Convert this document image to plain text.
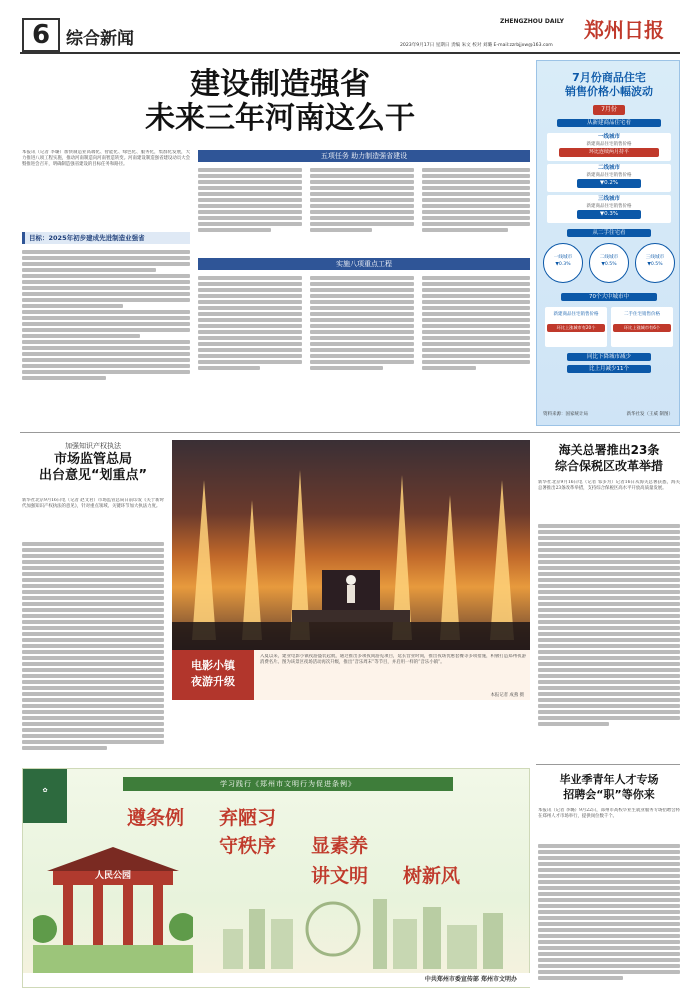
6 综合新闻
ZHENGZHOU DAILY 郑州日报
2023年9月17日 星期日 责编 朱文 校对 刘璐 E-mail:zzrbjjxw@163.com
建设制造强省
未来三年河南这么干
本报讯（记者 李璐）加快制造业高端化、智能化、绿色化、服务化，集群化发展，大力推进八项工程实施，推动河南制造向河南智造转变。河南建设制造强省建设动员大会暨推进会召开，明确制造强省建设的目标任务和路径。
目标：2025年初步建成先进制造业强省
五项任务 助力制造强省建设
实施八项重点工程
7月份商品住宅
销售价格小幅波动
7月份
从新建商品住宅看
一线城市
新建商品住宅销售价格
环比连续两月持平
二线城市
新建商品住宅销售价格
▼0.2%
三线城市
新建商品住宅销售价格
▼0.3%
从二手住宅看
一线城市
▼0.3%
二线城市
▼0.5%
三线城市
▼0.5%
70个大中城市中
新建商品住宅销售价格
环比上涨城市有20个
二手住宅销售价格
环比上涨城市有6个
同比下降城市减少
比上月减少11个
资料来源：国家统计局	新华社发（王威 制图）
加强知识产权执法
市场监管总局
出台意见“划重点”
新华社北京9月16日电（记者 赵文君）市场监管总局日前印发《关于新时代加强知识产权执法的意见》，针对重点领域、关键环节加大执法力度。
电影小镇
夜游升级
入夏以来，建业电影小镇夜游盛装起航，通过推出多项夜间游览项目，延长营业时间，推出夜场优惠套餐等多项措施，积极打造郑州夜游消费名片。图为该景区夜场活动再次升级，推出“音乐周末”等节目，并启用一样的“音乐小镇”。
本报记者 成燕 摄
海关总署推出23条
综合保税区改革举措
新华社北京9月16日电（记者 邹多为）记者16日从海关总署获悉，海关总署推出23条改革举措，支持综合保税区高水平开放高质量发展。
✿
学习践行《郑州市文明行为促进条例》
遵条例 弃陋习
守秩序 显素养
讲文明 树新风
人民公园
中共郑州市委宣传部 郑州市文明办
毕业季青年人才专场
招聘会“职”等你来
本报讯（记者 李璐）9月22日，郑州市高校毕业生就业服务专场招聘会将在郑州人才市场举行，提供岗位数千个。
